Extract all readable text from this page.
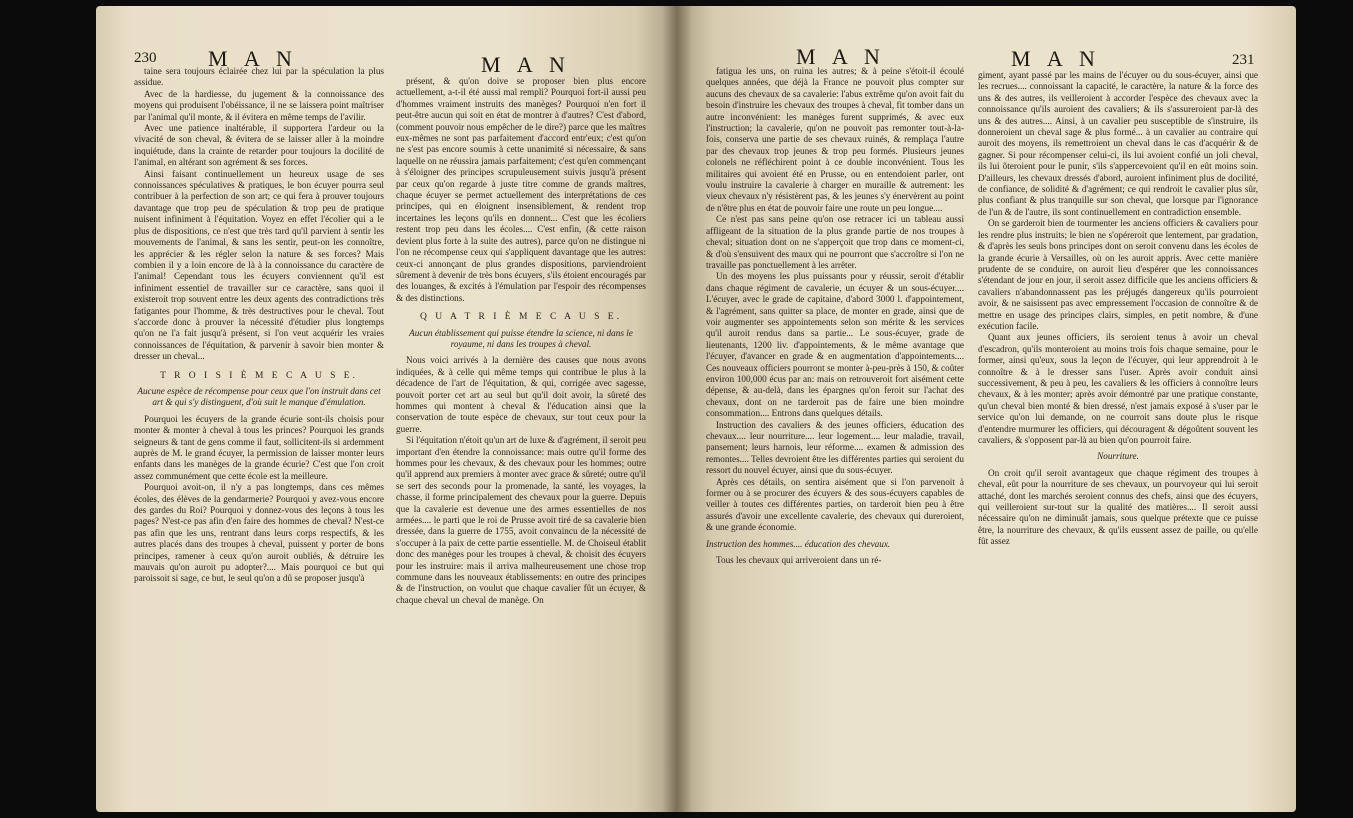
230 M A N	M A N

taine sera toujours éclairée chez lui par la spéculation la plus assidue.

Avec de la hardiesse, du jugement & la connoissance des moyens qui produisent l'obéissance, il ne se laissera point maîtriser par l'animal qu'il monte, & il évitera en même temps de l'avilir.

Avec une patience inaltérable, il supportera l'ardeur ou la vivacité de son cheval, & évitera de se laisser aller à la moindre inquiétude, dans la crainte de retarder pour toujours la docilité de l'animal, en altérant son agrément & ses forces.

Ainsi faisant continuellement un heureux usage de ses connoissances spéculatives & pratiques, le bon écuyer pourra seul contribuer à la perfection de son art; ce qui fera à prouver toujours davantage que trop peu de spéculation & trop peu de pratique nuisent infiniment à l'équitation. Voyez en effet l'écolier qui a le plus de dispositions, ce n'est que très tard qu'il parvient à sentir les mouvements de l'animal, & sans les sentir, peut-on les connoître, les apprécier & les régler selon la nature & ses forces? Mais combien il y a loin encore de là à la connoissance du caractère de l'animal! Cependant tous les écuyers conviennent qu'il est infiniment essentiel de travailler sur ce caractère, sans quoi il existeroit trop souvent entre les deux agents des contradictions très fatigantes pour l'homme, & très destructives pour le cheval. Tout s'accorde donc à prouver la nécessité d'étudier plus longtemps qu'on ne l'a fait jusqu'à présent, si l'on veut acquérir les vraies connoissances de l'équitation, & parvenir à savoir bien monter & dresser un cheval...

T R O I S I È M E C A U S E.

Aucune espèce de récompense pour ceux que l'on instruit dans cet art & qui s'y distinguent, d'où suit le manque d'émulation.

Pourquoi les écuyers de la grande écurie sont-ils choisis pour monter & monter à cheval à tous les princes? Pourquoi les grands seigneurs & tant de gens comme il faut, sollicitent-ils si ardemment auprès de M. le grand écuyer, la permission de laisser monter leurs enfants dans les manèges de la grande écurie? C'est que l'on croit assez communément que cette école est la meilleure.

Pourquoi avoit-on, il n'y a pas longtemps, dans ces mêmes écoles, des élèves de la gendarmerie? Pourquoi y avez-vous encore des gardes du Roi? Pourquoi y donnez-vous des leçons à tous les pages? N'est-ce pas afin d'en faire des hommes de cheval? N'est-ce pas afin que les uns, rentrant dans leurs corps respectifs, & les autres placés dans des troupes à cheval, puissent y porter de bons principes, ramener à ceux qu'on auroit oubliés, & détruire les mauvais qu'on auroit pu adopter?.... Mais pourquoi ce but qui paroissoit si sage, ce but, le seul qu'on a dû se proposer jusqu'à

présent, & qu'on doive se proposer bien plus encore actuellement, a-t-il été aussi mal rempli? Pourquoi fort-il aussi peu d'hommes vraiment instruits des manèges? Pourquoi n'en fort il peut-être aucun qui soit en état de montrer à d'autres? C'est d'abord, (comment pouvoir nous empêcher de le dire?) parce que les maîtres eux-mêmes ne sont pas parfaitement d'accord entr'eux; c'est qu'on ne s'est pas encore soumis à cette unanimité si nécessaire, & sans laquelle on ne réussira jamais parfaitement; c'est qu'en commençant à s'éloigner des principes scrupuleusement suivis jusqu'à présent par ceux qu'on regarde à juste titre comme de grands maîtres, chaque écuyer se permet actuellement des interprétations de ces principes, qui en éloignent insensiblement, & rendent trop incertaines les leçons qu'ils en donnent... C'est que les écoliers restent trop peu dans les écoles.... C'est enfin, (& cette raison devient plus forte à la suite des autres), parce qu'on ne distingue ni l'on ne récompense ceux qui s'appliquent davantage que les autres: ceux-ci annonçant de plus grandes dispositions, parviendroient sûrement à devenir de très bons écuyers, s'ils étoient encouragés par des louanges, & excités à l'émulation par l'espoir des récompenses & des distinctions.

Q U A T R I È M E C A U S E.

Aucun établissement qui puisse étendre la science, ni dans le royaume, ni dans les troupes à cheval.

Nous voici arrivés à la dernière des causes que nous avons indiquées, & à celle qui même temps qui contribue le plus à la décadence de l'art de l'équitation, & qui, corrigée avec sagesse, pouvoit porter cet art au seul but qu'il doit avoir, la sûreté des hommes qui montent à cheval & l'éducation ainsi que la conservation de toute espèce de chevaux, sur tout ceux pour la guerre.

Si l'équitation n'étoit qu'un art de luxe & d'agrément, il seroit peu important d'en étendre la connoissance: mais outre qu'il forme des hommes pour les chevaux, & des chevaux pour les hommes; outre qu'il apprend aux premiers à monter avec grace & sûreté; outre qu'il se sert des seconds pour la promenade, la santé, les voyages, la chasse, il forme principalement des chevaux pour la guerre. Depuis que la cavalerie est devenue une des armes essentielles de nos armées.... le parti que le roi de Prusse avoit tiré de sa cavalerie bien dressée, dans la guerre de 1755, avoit convaincu de la nécessité de s'occuper à la paix de cette partie essentielle. M. de Choiseul établit donc des manèges pour les troupes à cheval, & choisit des écuyers pour les instruire: mais il arriva malheureusement une chose trop commune dans les nouveaux établissements: en outre des principes & de l'instruction, on voulut que chaque cavalier fût un écuyer, & chaque cheval un cheval de manège. On

M A N	M A N	231

fatigua les uns, on ruina les autres; & à peine s'étoit-il écoulé quelques années, que déjà la France ne pouvoit plus compter sur aucuns des chevaux de sa cavalerie: l'abus extrême qu'on avoit fait du besoin d'instruire les chevaux des troupes à cheval, fit tomber dans un autre inconvénient: les manèges furent supprimés, & avec eux l'instruction; la cavalerie, qu'on ne pouvoit pas remonter tout-à-la-fois, conserva une partie de ses chevaux ruinés, & remplaça l'autre par des chevaux trop jeunes & trop peu formés. Plusieurs jeunes colonels ne réfléchirent point à ce double inconvénient. Tous les militaires qui avoient été en Prusse, ou en entendoient parler, ont voulu instruire la cavalerie à charger en muraille & autrement: les vieux chevaux n'y résistèrent pas, & les jeunes s'y énervèrent au point de n'être plus en état de pouvoir faire une route un peu longue....

Ce n'est pas sans peine qu'on ose retracer ici un tableau aussi affligeant de la situation de la plus grande partie de nos troupes à cheval; situation dont on ne s'apperçoit que trop dans ce moment-ci, & d'où s'ensuivent des maux qui ne pourront que s'accroître si l'on ne travaille pas ponctuellement à les arrêter.

Un des moyens les plus puissants pour y réussir, seroit d'établir dans chaque régiment de cavalerie, un écuyer & un sous-écuyer.... L'écuyer, avec le grade de capitaine, d'abord 3000 l. d'appointement, & l'agrément, sans quitter sa place, de monter en grade, ainsi que de voir augmenter ses appointements selon son mérite & les services qu'il auroit rendus dans sa partie... Le sous-écuyer, grade de lieutenants, 1200 liv. d'appointements, & le même avantage que l'écuyer, d'avancer en grade & en augmentation d'appointements.... Ces nouveaux officiers pourront se monter à-peu-près à 150, & coûter environ 100,000 écus par an: mais on retrouveroit fort aisément cette dépense, & au-delà, dans les épargnes qu'on feroit sur l'achat des chevaux, dont on ne tarderoit pas de faire une bien moindre consommation.... Entrons dans quelques détails.

Instruction des cavaliers & des jeunes officiers, éducation des chevaux.... leur nourriture.... leur logement.... leur maladie, travail, pansement; leurs harnois, leur réforme.... examen & admission des remontes.... Telles devroient être les différentes parties qui seroient du ressort du nouvel écuyer, ainsi que du sous-écuyer.

Après ces détails, on sentira aisément que si l'on parvenoit à former ou à se procurer des écuyers & des sous-écuyers capables de veiller à toutes ces différentes parties, on tarderoit bien peu à être assurés d'avoir une excellente cavalerie, des chevaux qui dureroient, & une grande économie.

Instruction des hommes.... éducation des chevaux.

Tous les chevaux qui arriveroient dans un ré-

giment, ayant passé par les mains de l'écuyer ou du sous-écuyer, ainsi que les recrues.... connoissant la capacité, le caractère, la nature & la force des uns & des autres, ils veilleroient à accorder l'espèce des chevaux avec la connoissance qu'ils auroient des cavaliers; & ils s'assureroient par-là des uns & des autres.... Ainsi, à un cavalier peu susceptible de s'instruire, ils donneroient un cheval sage & plus formé... à un cavalier au contraire qui auroit des moyens, ils remettroient un cheval dans le cas d'acquérir & de gagner. Si pour récompenser celui-ci, ils lui avoient confié un joli cheval, ils lui ôteroient pour le punir, s'ils s'appercevoient qu'il en eût moins soin. D'ailleurs, les chevaux dressés d'abord, auroient infiniment plus de docilité, de confiance, de solidité & d'agrément; ce qui rendroit le cavalier plus sûr, plus confiant & plus tranquille sur son cheval, que lorsque par l'ignorance de l'un & de l'autre, ils sont continuellement en contradiction ensemble.

On se garderoit bien de tourmenter les anciens officiers & cavaliers pour les rendre plus instruits; le bien ne s'opéreroit que lentement, par gradation, & d'après les seuls bons principes dont on seroit convenu dans les écoles de la grande écurie à Versailles, où on les auroit appris. Avec cette manière prudente de se conduire, on auroit lieu d'espérer que les connoissances s'étendant de jour en jour, il seroit assez difficile que les anciens officiers & cavaliers n'abandonnassent pas les préjugés dangereux qu'ils pourroient avoir, & ne saisissent pas avec empressement l'occasion de connoître & de mettre en usage des principes clairs, simples, en petit nombre, & d'une exécution facile.

Quant aux jeunes officiers, ils seroient tenus à avoir un cheval d'escadron, qu'ils monteroient au moins trois fois chaque semaine, pour le former, ainsi qu'eux, sous la leçon de l'écuyer, qui leur apprendroit à le connoître & à le dresser sans l'user. Après avoir conduit ainsi successivement, & peu à peu, les cavaliers & les officiers à connoître leurs chevaux, & à les monter; après avoir démontré par une pratique constante, qu'un cheval bien monté & bien dressé, n'est jamais exposé à s'user par le service qu'on lui demande, on ne courroit sans doute plus le risque d'entendre murmurer les officiers, qui découragent & dégoûtent souvent les cavaliers, & s'opposent par-là au bien qu'on pourroit faire.

Nourriture.

On croit qu'il seroit avantageux que chaque régiment des troupes à cheval, eût pour la nourriture de ses chevaux, un pourvoyeur qui lui seroit attaché, dont les marchés seroient connus des chefs, ainsi que des écuyers, qui veilleroient sur-tout sur la qualité des matières.... Il seroit aussi nécessaire qu'on ne diminuât jamais, sous quelque prétexte que ce puisse être, la nourriture des chevaux, & qu'ils eussent assez de paille, ou qu'elle fût assez
